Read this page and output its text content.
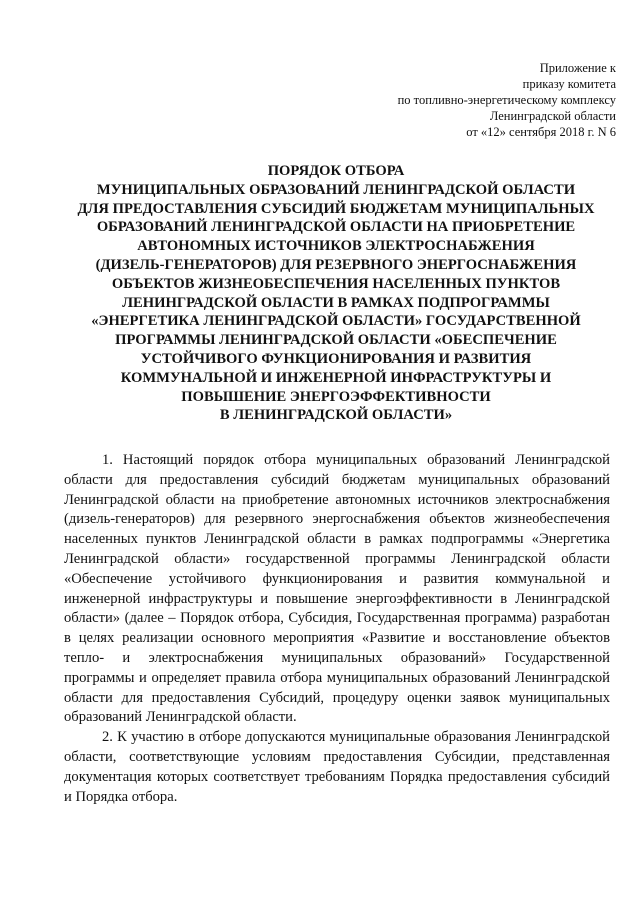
Приложение к
приказу комитета
по топливно-энергетическому комплексу
Ленинградской области
от «12» сентября 2018 г. N 6
ПОРЯДОК ОТБОРА
МУНИЦИПАЛЬНЫХ ОБРАЗОВАНИЙ ЛЕНИНГРАДСКОЙ ОБЛАСТИ
ДЛЯ ПРЕДОСТАВЛЕНИЯ СУБСИДИЙ БЮДЖЕТАМ МУНИЦИПАЛЬНЫХ
ОБРАЗОВАНИЙ ЛЕНИНГРАДСКОЙ ОБЛАСТИ НА ПРИОБРЕТЕНИЕ
АВТОНОМНЫХ ИСТОЧНИКОВ ЭЛЕКТРОСНАБЖЕНИЯ
(ДИЗЕЛЬ-ГЕНЕРАТОРОВ) ДЛЯ РЕЗЕРВНОГО ЭНЕРГОСНАБЖЕНИЯ
ОБЪЕКТОВ ЖИЗНЕОБЕСПЕЧЕНИЯ НАСЕЛЕННЫХ ПУНКТОВ
ЛЕНИНГРАДСКОЙ ОБЛАСТИ В РАМКАХ ПОДПРОГРАММЫ
«ЭНЕРГЕТИКА ЛЕНИНГРАДСКОЙ ОБЛАСТИ» ГОСУДАРСТВЕННОЙ
ПРОГРАММЫ ЛЕНИНГРАДСКОЙ ОБЛАСТИ «ОБЕСПЕЧЕНИЕ
УСТОЙЧИВОГО ФУНКЦИОНИРОВАНИЯ И РАЗВИТИЯ
КОММУНАЛЬНОЙ И ИНЖЕНЕРНОЙ ИНФРАСТРУКТУРЫ И
ПОВЫШЕНИЕ ЭНЕРГОЭФФЕКТИВНОСТИ
В ЛЕНИНГРАДСКОЙ ОБЛАСТИ»

1. Настоящий порядок отбора муниципальных образований Ленинградской области для предоставления субсидий бюджетам муниципальных образований Ленинградской области на приобретение автономных источников электроснабжения (дизель-генераторов) для резервного энергоснабжения объектов жизнеобеспечения населенных пунктов Ленинградской области в рамках подпрограммы «Энергетика Ленинградской области» государственной программы Ленинградской области «Обеспечение устойчивого функционирования и развития коммунальной и инженерной инфраструктуры и повышение энергоэффективности в Ленинградской области» (далее – Порядок отбора, Субсидия, Государственная программа) разработан в целях реализации основного мероприятия «Развитие и восстановление объектов тепло- и электроснабжения муниципальных образований» Государственной программы и определяет правила отбора муниципальных образований Ленинградской области для предоставления Субсидий, процедуру оценки заявок муниципальных образований Ленинградской области.

2. К участию в отборе допускаются муниципальные образования Ленинградской области, соответствующие условиям предоставления Субсидии, представленная документация которых соответствует требованиям Порядка предоставления субсидий и Порядка отбора.
